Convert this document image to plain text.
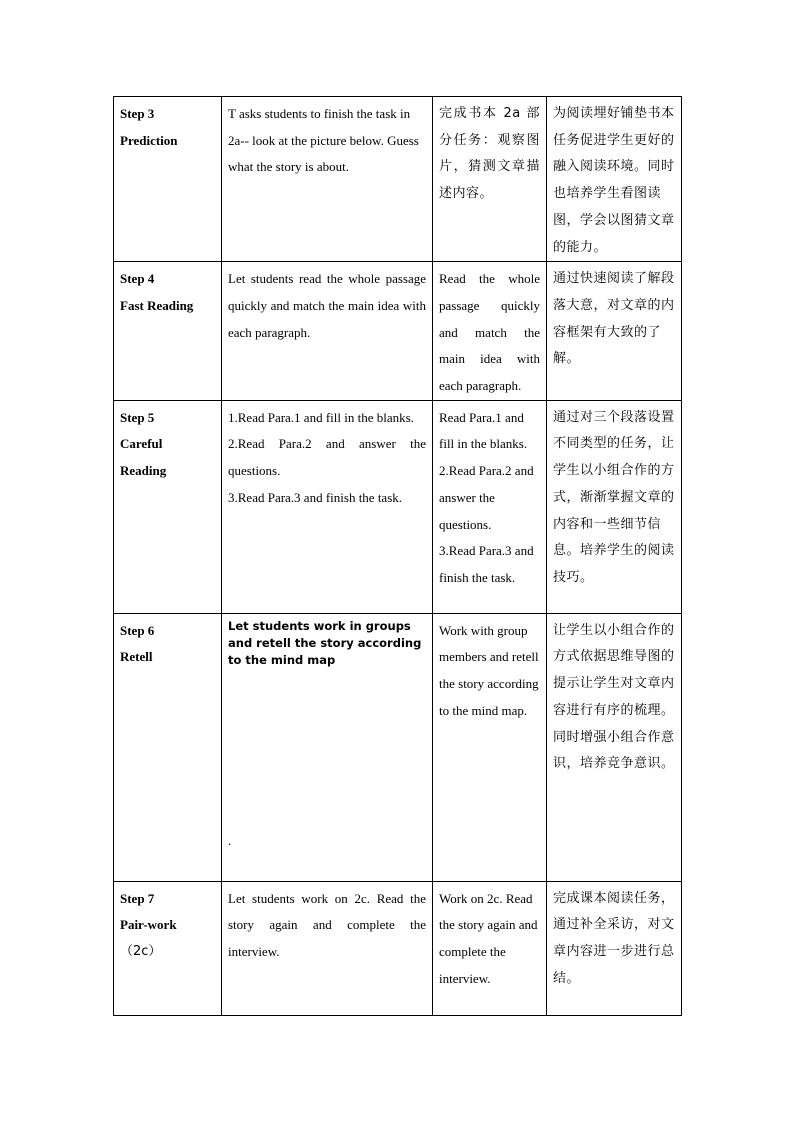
Step 3
Prediction	T asks students to finish the task in 2a-- look at the picture below. Guess what the story is about.	完成书本 2a 部分任务：观察图片，猜测文章描述内容。	为阅读埋好铺垫书本任务促进学生更好的融入阅读环境。同时也培养学生看图读图，学会以图猜文章的能力。

Step 4
Fast Reading	Let students read the whole passage quickly and match the main idea with each paragraph.	Read the whole passage quickly and match the main idea with each paragraph.	通过快速阅读了解段落大意，对文章的内容框架有大致的了解。

Step 5
Careful
Reading	1.Read Para.1 and fill in the blanks.
2.Read Para.2 and answer the questions.
3.Read Para.3 and finish the task.	Read Para.1 and fill in the blanks.
2.Read Para.2 and answer the questions.
3.Read Para.3 and finish the task.	通过对三个段落设置不同类型的任务，让学生以小组合作的方式，渐渐掌握文章的内容和一些细节信息。培养学生的阅读技巧。

Step 6
Retell	Let students work in groups and retell the story according to the mind map
.	Work with group members and retell the story according to the mind map.	让学生以小组合作的方式依据思维导图的提示让学生对文章内容进行有序的梳理。同时增强小组合作意识，培养竞争意识。

Step 7
Pair-work
（2c）	Let students work on 2c. Read the story again and complete the interview.	Work on 2c. Read the story again and complete the interview.	完成课本阅读任务，通过补全采访，对文章内容进一步进行总结。
